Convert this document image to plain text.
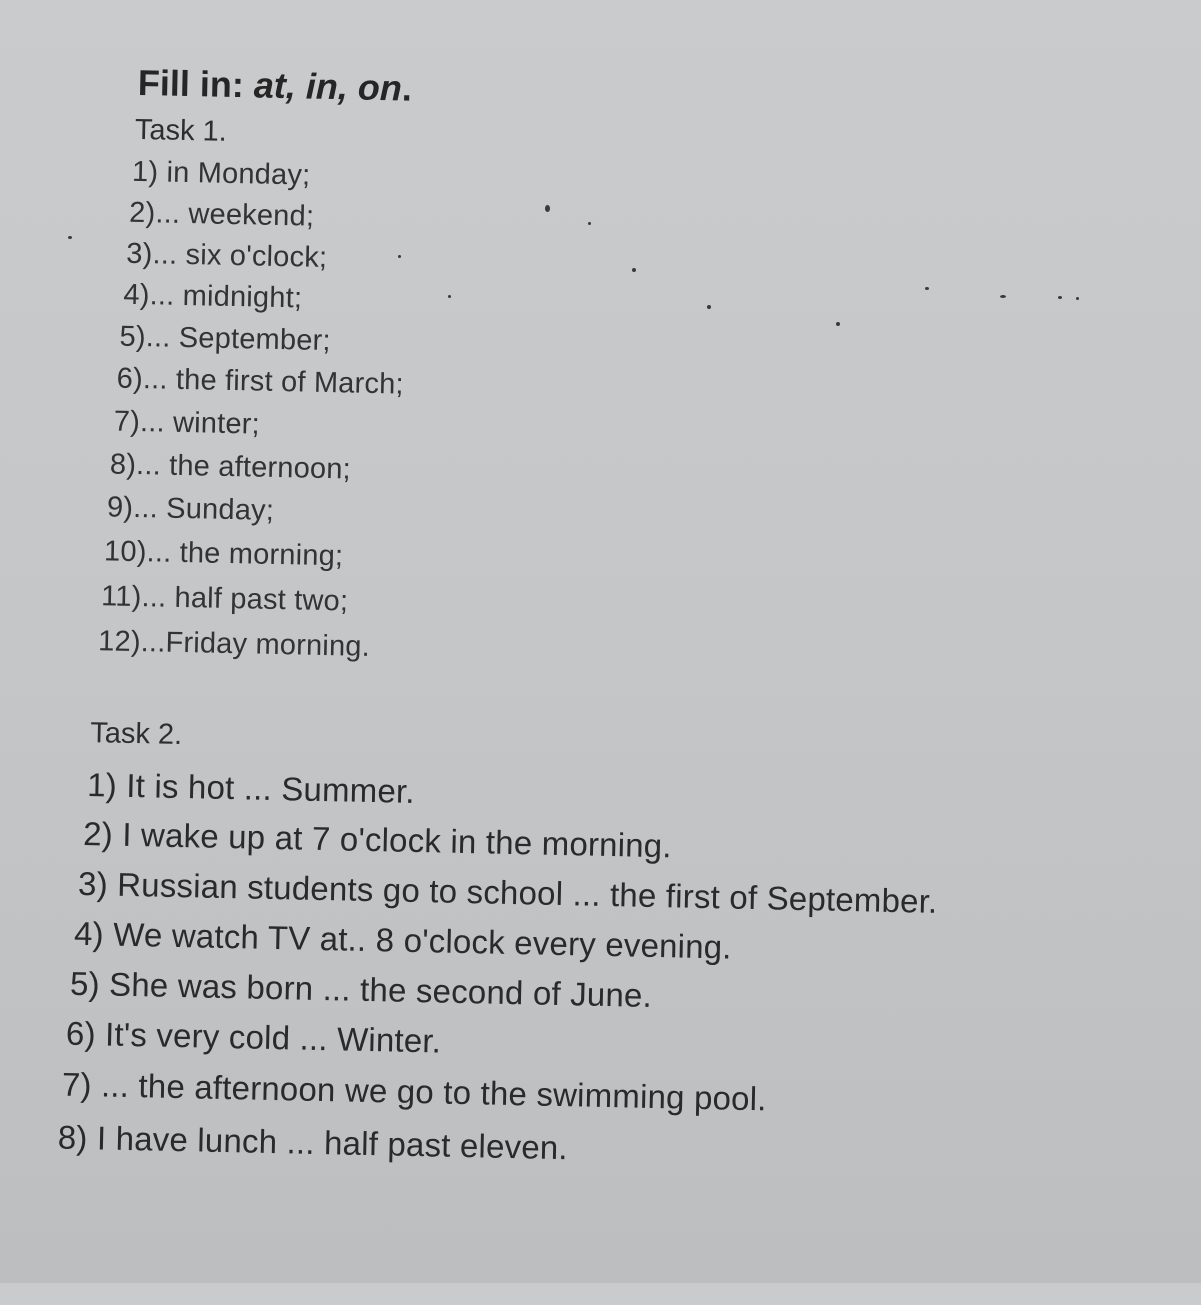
Fill in: at, in, on.
Task 1.
1) in Monday;
2)... weekend;
3)... six o'clock;
4)... midnight;
5)... September;
6)... the first of March;
7)... winter;
8)... the afternoon;
9)... Sunday;
10)... the morning;
11)... half past two;
12)...Friday morning.
Task 2.
1) It is hot ... Summer.
2) I wake up at 7 o'clock in the morning.
3) Russian students go to school ... the first of September.
4) We watch TV at.. 8 o'clock every evening.
5) She was born ... the second of June.
6) It's very cold ... Winter.
7) ... the afternoon we go to the swimming pool.
8) I have lunch ... half past eleven.
